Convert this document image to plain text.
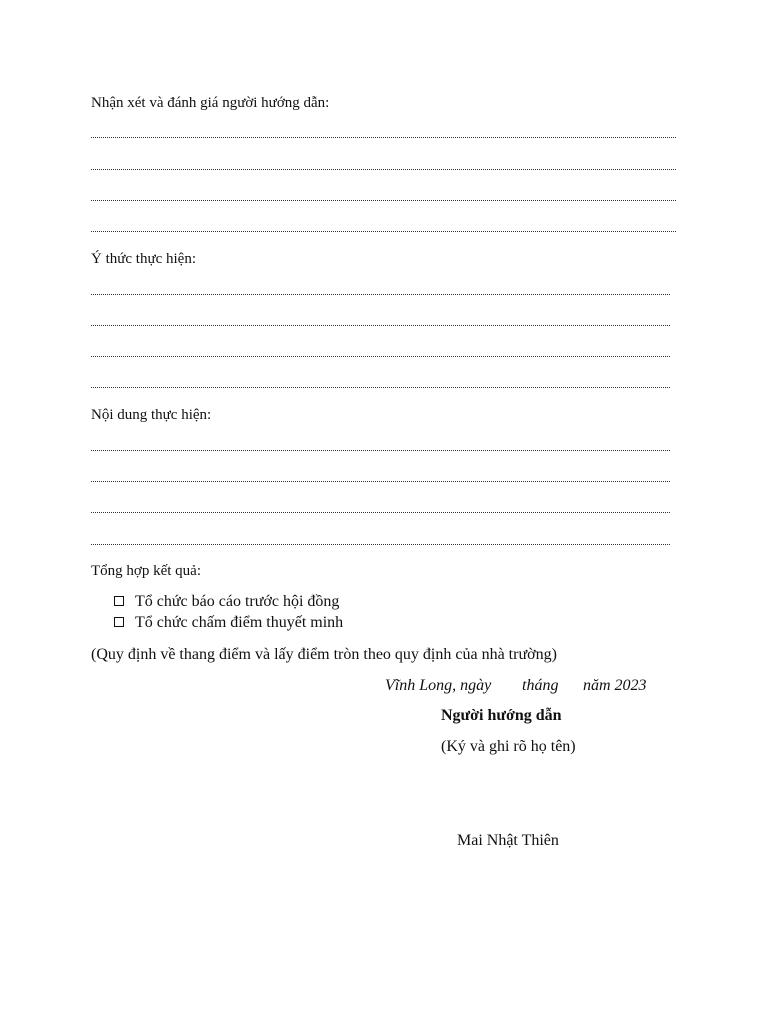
Nhận xét và đánh giá người hướng dẫn:
Ý thức thực hiện:
Nội dung thực hiện:
Tổng hợp kết quả:
Tổ chức báo cáo trước hội đồng
Tổ chức chấm điểm thuyết minh
(Quy định về thang điểm và lấy điểm tròn theo quy định của nhà trường)
Vĩnh Long, ngày tháng năm 2023
Người hướng dẫn
(Ký và ghi rõ họ tên)
Mai Nhật Thiên
